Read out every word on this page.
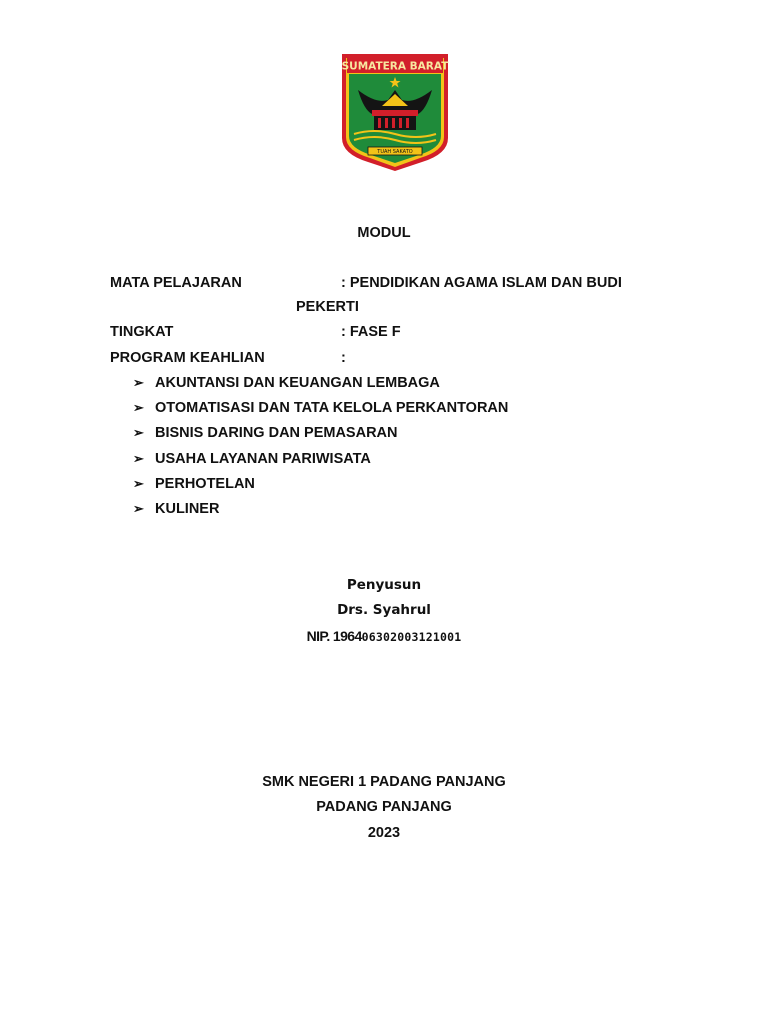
SUMATERA BARAT
TUAH SAKATO
MODUL
MATA PELAJARAN	: PENDIDIKAN AGAMA ISLAM DAN BUDI
PEKERTI
TINGKAT	: FASE F
PROGRAM KEAHLIAN	:
➢ AKUNTANSI DAN KEUANGAN LEMBAGA
➢ OTOMATISASI DAN TATA KELOLA PERKANTORAN
➢ BISNIS DARING DAN PEMASARAN
➢ USAHA LAYANAN PARIWISATA
➢ PERHOTELAN
➢ KULINER
Penyusun
Drs. Syahrul
NIP. 196406302003121001
SMK NEGERI 1 PADANG PANJANG
PADANG PANJANG
2023
